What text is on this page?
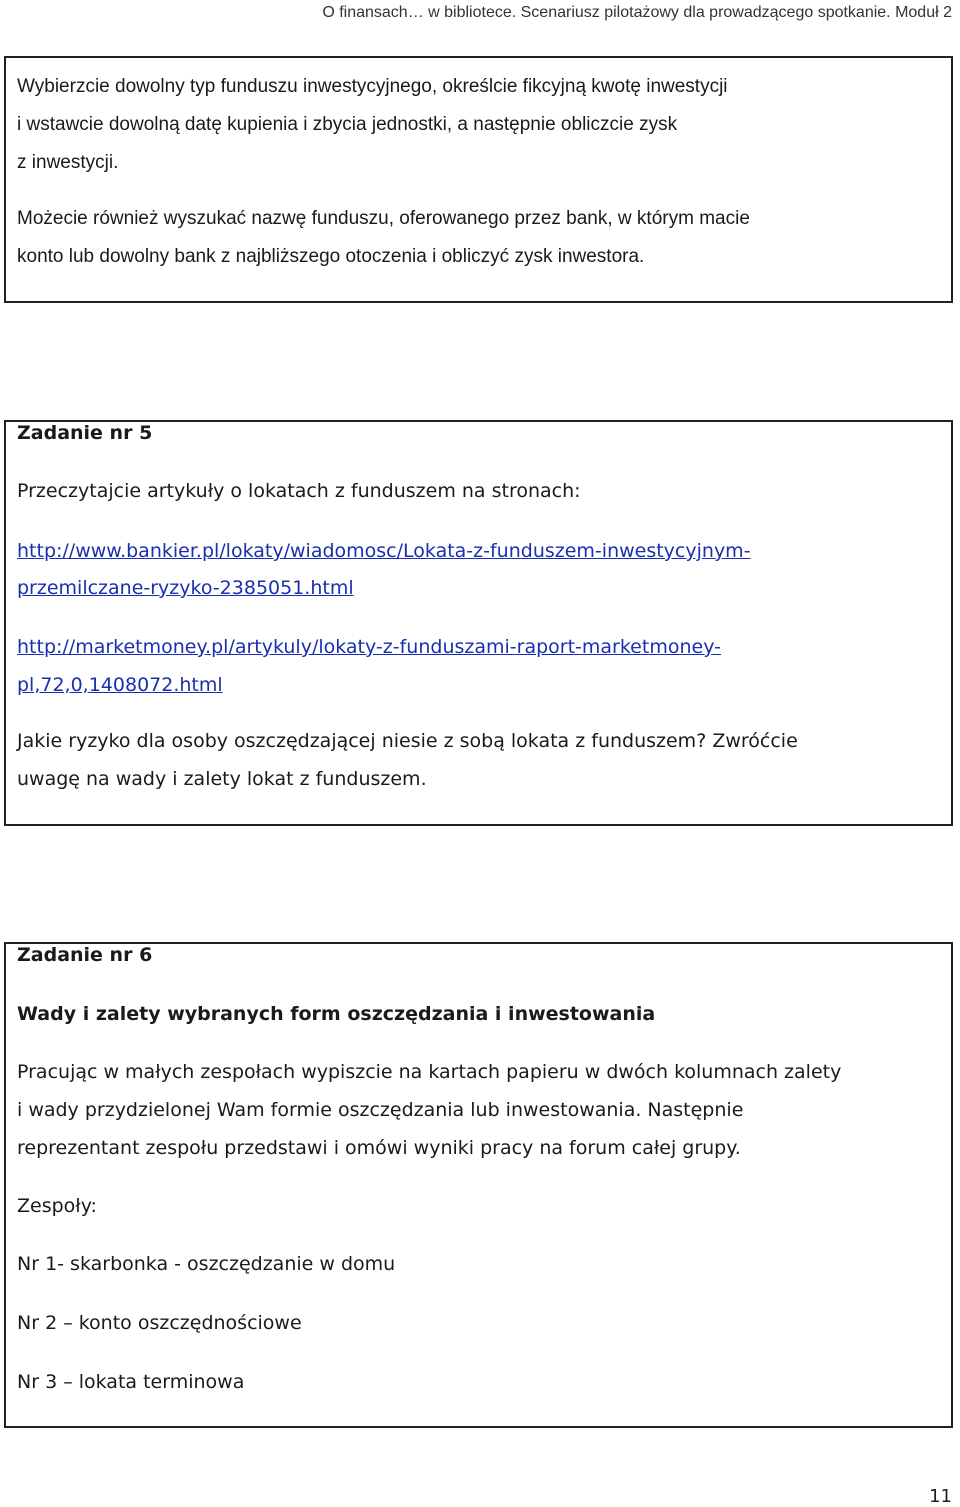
O finansach… w bibliotece. Scenariusz pilotażowy dla prowadzącego spotkanie. Moduł 2

Wybierzcie dowolny typ funduszu inwestycyjnego, określcie fikcyjną kwotę inwestycji
i wstawcie dowolną datę kupienia i zbycia jednostki, a następnie obliczcie zysk
z inwestycji.

Możecie również wyszukać nazwę funduszu, oferowanego przez bank, w którym macie
konto lub dowolny bank z najbliższego otoczenia i obliczyć zysk inwestora.

Zadanie nr 5
Przeczytajcie artykuły o lokatach z funduszem na stronach:
http://www.bankier.pl/lokaty/wiadomosc/Lokata-z-funduszem-inwestycyjnym-
przemilczane-ryzyko-2385051.html
http://marketmoney.pl/artykuly/lokaty-z-funduszami-raport-marketmoney-
pl,72,0,1408072.html
Jakie ryzyko dla osoby oszczędzającej niesie z sobą lokata z funduszem? Zwróćcie
uwagę na wady i zalety lokat z funduszem.
Zadanie nr 6
Wady i zalety wybranych form oszczędzania i inwestowania
Pracując w małych zespołach wypiszcie na kartach papieru w dwóch kolumnach zalety
i wady przydzielonej Wam formie oszczędzania lub inwestowania. Następnie
reprezentant zespołu przedstawi i omówi wyniki pracy na forum całej grupy.
Zespoły:
Nr 1- skarbonka - oszczędzanie w domu
Nr 2 – konto oszczędnościowe
Nr 3 – lokata terminowa
11
